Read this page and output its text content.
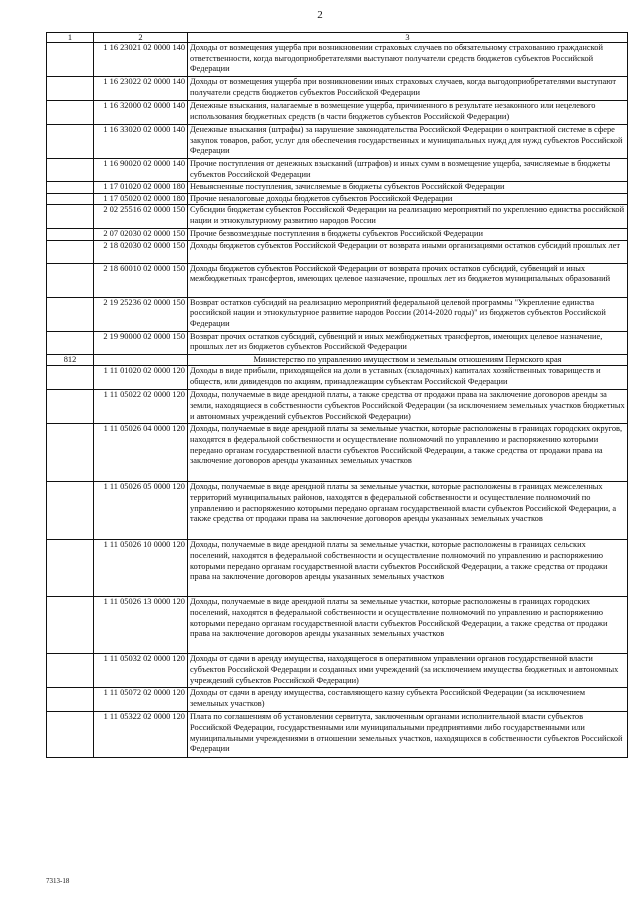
2
1	2	3
	1 16 23021 02 0000 140	Доходы от возмещения ущерба при возникновении страховых случаев по обязательному страхованию гражданской ответственности, когда выгодоприобретателями выступают получатели средств бюджетов субъектов Российской Федерации
	1 16 23022 02 0000 140	Доходы от возмещения ущерба при возникновении иных страховых случаев, когда выгодоприобретателями выступают получатели средств бюджетов субъектов Российской Федерации
	1 16 32000 02 0000 140	Денежные взыскания, налагаемые в возмещение ущерба, причиненного в результате незаконного или нецелевого использования бюджетных средств (в части бюджетов субъектов Российской Федерации)
	1 16 33020 02 0000 140	Денежные взыскания (штрафы) за нарушение законодательства Российской Федерации о контрактной системе в сфере закупок товаров, работ, услуг для обеспечения государственных и муниципальных нужд для нужд субъектов Российской Федерации
	1 16 90020 02 0000 140	Прочие поступления от денежных взысканий (штрафов) и иных сумм в возмещение ущерба, зачисляемые в бюджеты субъектов Российской Федерации
	1 17 01020 02 0000 180	Невыясненные поступления, зачисляемые в бюджеты субъектов Российской Федерации
	1 17 05020 02 0000 180	Прочие неналоговые доходы бюджетов субъектов Российской Федерации
	2 02 25516 02 0000 150	Субсидии бюджетам субъектов Российской Федерации на реализацию мероприятий по укреплению единства российской нации и этнокультурному развитию народов России
	2 07 02030 02 0000 150	Прочие безвозмездные поступления в бюджеты субъектов Российской Федерации
	2 18 02030 02 0000 150	Доходы бюджетов субъектов Российской Федерации от возврата иными организациями остатков субсидий прошлых лет
	2 18 60010 02 0000 150	Доходы бюджетов субъектов Российской Федерации от возврата прочих остатков субсидий, субвенций и иных межбюджетных трансфертов, имеющих целевое назначение, прошлых лет из бюджетов муниципальных образований
	2 19 25236 02 0000 150	Возврат остатков субсидий на реализацию мероприятий федеральной целевой программы "Укрепление единства российской нации и этнокультурное развитие народов России (2014-2020 годы)" из бюджетов субъектов Российской Федерации
	2 19 90000 02 0000 150	Возврат прочих остатков субсидий, субвенций и иных межбюджетных трансфертов, имеющих целевое назначение, прошлых лет из бюджетов субъектов Российской Федерации
812		Министерство по управлению имуществом и земельным отношениям Пермского края
	1 11 01020 02 0000 120	Доходы в виде прибыли, приходящейся на доли в уставных (складочных) капиталах хозяйственных товариществ и обществ, или дивидендов по акциям, принадлежащим субъектам Российской Федерации
	1 11 05022 02 0000 120	Доходы, получаемые в виде арендной платы, а также средства от продажи права на заключение договоров аренды за земли, находящиеся в собственности субъектов Российской Федерации (за исключением земельных участков бюджетных и автономных учреждений субъектов Российской Федерации)
	1 11 05026 04 0000 120	Доходы, получаемые в виде арендной платы за земельные участки, которые расположены в границах городских округов, находятся в федеральной собственности и осуществление полномочий по управлению и распоряжению которыми передано органам государственной власти субъектов Российской Федерации, а также средства от продажи права на заключение договоров аренды указанных земельных участков
	1 11 05026 05 0000 120	Доходы, получаемые в виде арендной платы за земельные участки, которые расположены в границах межселенных территорий муниципальных районов, находятся в федеральной собственности и осуществление полномочий по управлению и распоряжению которыми передано органам государственной власти субъектов Российской Федерации, а также средства от продажи права на заключение договоров аренды указанных земельных участков
	1 11 05026 10 0000 120	Доходы, получаемые в виде арендной платы за земельные участки, которые расположены в границах сельских поселений, находятся в федеральной собственности и осуществление полномочий по управлению и распоряжению которыми передано органам государственной власти субъектов Российской Федерации, а также средства от продажи права на заключение договоров аренды указанных земельных участков
	1 11 05026 13 0000 120	Доходы, получаемые в виде арендной платы за земельные участки, которые расположены в границах городских поселений, находятся в федеральной собственности и осуществление полномочий по управлению и распоряжению которыми передано органам государственной власти субъектов Российской Федерации, а также средства от продажи права на заключение договоров аренды указанных земельных участков
	1 11 05032 02 0000 120	Доходы от сдачи в аренду имущества, находящегося в оперативном управлении органов государственной власти субъектов Российской Федерации и созданных ими учреждений (за исключением имущества бюджетных и автономных учреждений субъектов Российской Федерации)
	1 11 05072 02 0000 120	Доходы от сдачи в аренду имущества, составляющего казну субъекта Российской Федерации (за исключением земельных участков)
	1 11 05322 02 0000 120	Плата по соглашениям об установлении сервитута, заключенным органами исполнительной власти субъектов Российской Федерации, государственными или муниципальными предприятиями либо государственными или муниципальными учреждениями в отношении земельных участков, находящихся в собственности субъектов Российской Федерации
7313-18
